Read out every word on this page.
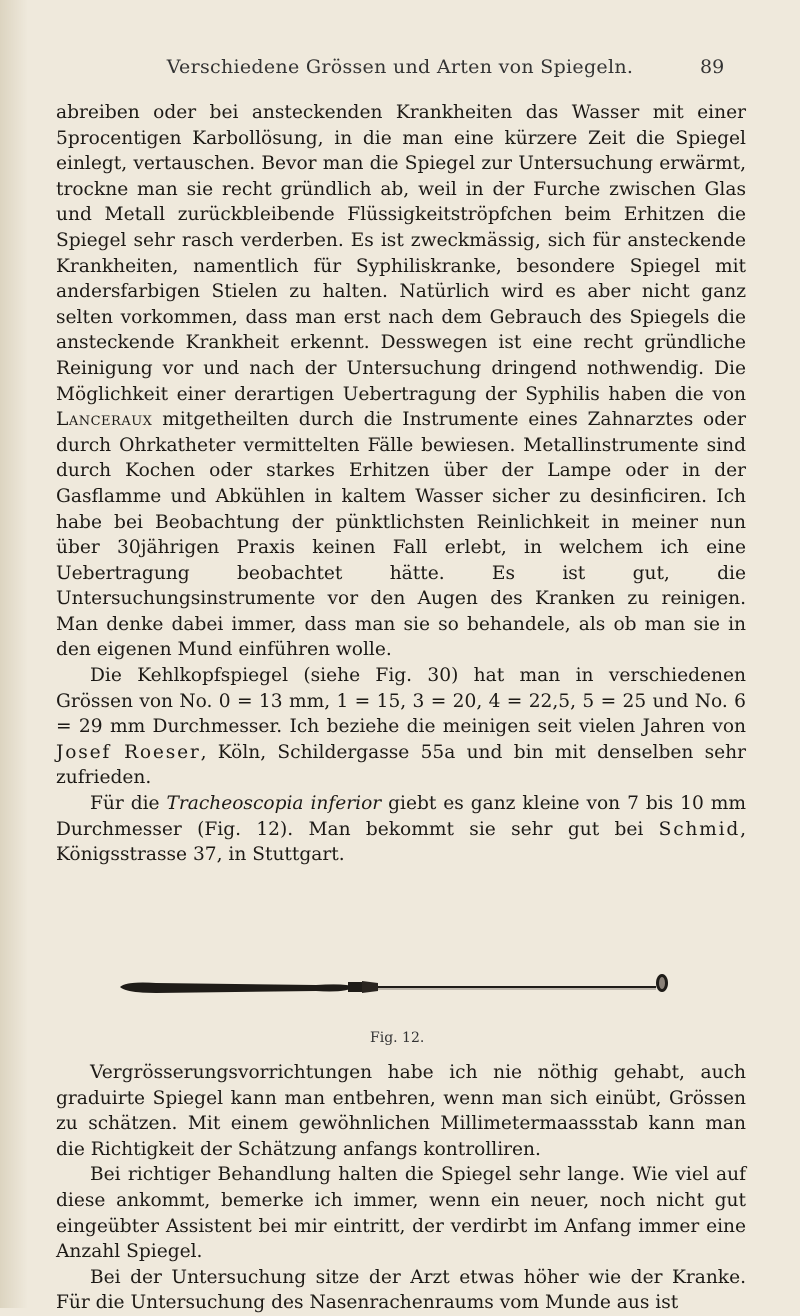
Verschiedene Grössen und Arten von Spiegeln.	89

abreiben oder bei ansteckenden Krankheiten das Wasser mit einer 5procentigen Karbollösung, in die man eine kürzere Zeit die Spiegel einlegt, vertauschen. Bevor man die Spiegel zur Untersuchung erwärmt, trockne man sie recht gründlich ab, weil in der Furche zwischen Glas und Metall zurückbleibende Flüssigkeitströpfchen beim Erhitzen die Spiegel sehr rasch verderben. Es ist zweckmässig, sich für ansteckende Krankheiten, namentlich für Syphiliskranke, besondere Spiegel mit andersfarbigen Stielen zu halten. Natürlich wird es aber nicht ganz selten vorkommen, dass man erst nach dem Gebrauch des Spiegels die ansteckende Krankheit erkennt. Desswegen ist eine recht gründliche Reinigung vor und nach der Untersuchung dringend nothwendig. Die Möglichkeit einer derartigen Uebertragung der Syphilis haben die von Lanceraux mitgetheilten durch die Instrumente eines Zahnarztes oder durch Ohrkatheter vermittelten Fälle bewiesen. Metallinstrumente sind durch Kochen oder starkes Erhitzen über der Lampe oder in der Gasflamme und Abkühlen in kaltem Wasser sicher zu desinficiren. Ich habe bei Beobachtung der pünktlichsten Reinlichkeit in meiner nun über 30jährigen Praxis keinen Fall erlebt, in welchem ich eine Uebertragung beobachtet hätte. Es ist gut, die Untersuchungsinstrumente vor den Augen des Kranken zu reinigen. Man denke dabei immer, dass man sie so behandele, als ob man sie in den eigenen Mund einführen wolle.

Die Kehlkopfspiegel (siehe Fig. 30) hat man in verschiedenen Grössen von No. 0 = 13 mm, 1 = 15, 3 = 20, 4 = 22,5, 5 = 25 und No. 6 = 29 mm Durchmesser. Ich beziehe die meinigen seit vielen Jahren von Josef Roeser, Köln, Schildergasse 55a und bin mit denselben sehr zufrieden.

Für die Tracheoscopia inferior giebt es ganz kleine von 7 bis 10 mm Durchmesser (Fig. 12). Man bekommt sie sehr gut bei Schmid, Königsstrasse 37, in Stuttgart.

Fig. 12.

Vergrösserungsvorrichtungen habe ich nie nöthig gehabt, auch graduirte Spiegel kann man entbehren, wenn man sich einübt, Grössen zu schätzen. Mit einem gewöhnlichen Millimetermaassstab kann man die Richtigkeit der Schätzung anfangs kontrolliren.

Bei richtiger Behandlung halten die Spiegel sehr lange. Wie viel auf diese ankommt, bemerke ich immer, wenn ein neuer, noch nicht gut eingeübter Assistent bei mir eintritt, der verdirbt im Anfang immer eine Anzahl Spiegel.

Bei der Untersuchung sitze der Arzt etwas höher wie der Kranke. Für die Untersuchung des Nasenrachenraums vom Munde aus ist
